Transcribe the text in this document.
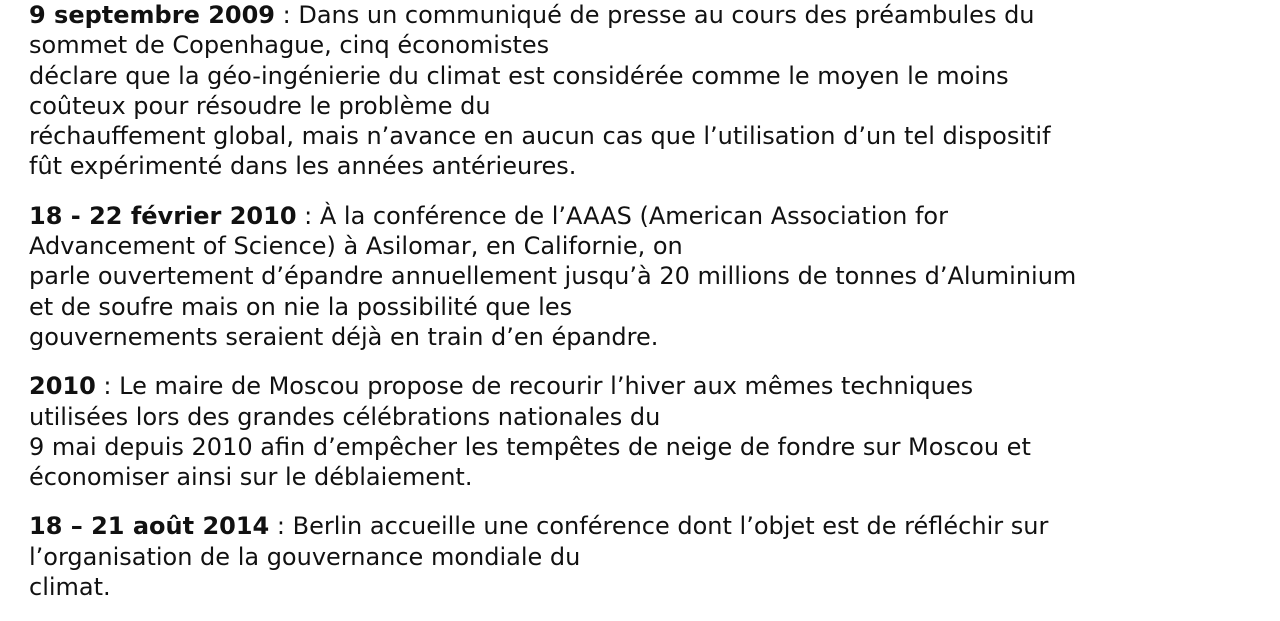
9 septembre 2009 : Dans un communiqué de presse au cours des préambules du
sommet de Copenhague, cinq économistes
déclare que la géo-ingénierie du climat est considérée comme le moyen le moins
coûteux pour résoudre le problème du
réchauffement global, mais n’avance en aucun cas que l’utilisation d’un tel dispositif
fût expérimenté dans les années antérieures.
18 - 22 février 2010 : À la conférence de l’AAAS (American Association for
Advancement of Science) à Asilomar, en Californie, on
parle ouvertement d’épandre annuellement jusqu’à 20 millions de tonnes d’Aluminium
et de soufre mais on nie la possibilité que les
gouvernements seraient déjà en train d’en épandre.
2010 : Le maire de Moscou propose de recourir l’hiver aux mêmes techniques
utilisées lors des grandes célébrations nationales du
9 mai depuis 2010 afin d’empêcher les tempêtes de neige de fondre sur Moscou et
économiser ainsi sur le déblaiement.
18 – 21 août 2014 : Berlin accueille une conférence dont l’objet est de réfléchir sur
l’organisation de la gouvernance mondiale du
climat.
